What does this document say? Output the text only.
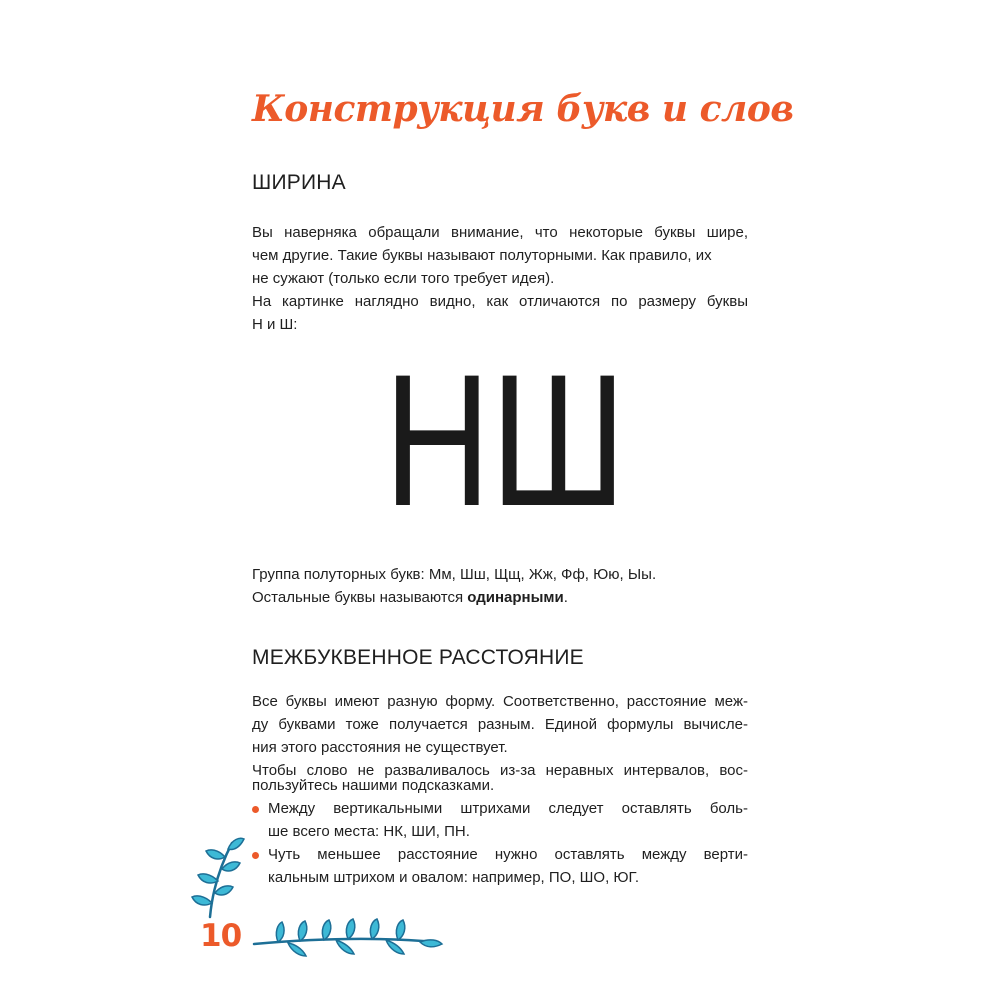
Конструкция букв и слов
ШИРИНА
Вы наверняка обращали внимание, что некоторые буквы шире,
чем другие. Такие буквы называют полуторными. Как правило, их
не сужают (только если того требует идея).
На картинке наглядно видно, как отличаются по размеру буквы
Н и Ш:
НШ
Группа полуторных букв: Мм, Шш, Щщ, Жж, Фф, Юю, Ыы.
Остальные буквы называются одинарными.
МЕЖБУКВЕННОЕ РАССТОЯНИЕ
Все буквы имеют разную форму. Соответственно, расстояние меж-
ду буквами тоже получается разным. Единой формулы вычисле-
ния этого расстояния не существует.
Чтобы слово не разваливалось из-за неравных интервалов, вос-
пользуйтесь нашими подсказками.
Между вертикальными штрихами следует оставлять боль-
ше всего места: НК, ШИ, ПН.
Чуть меньшее расстояние нужно оставлять между верти-
кальным штрихом и овалом: например, ПО, ШО, ЮГ.
10
